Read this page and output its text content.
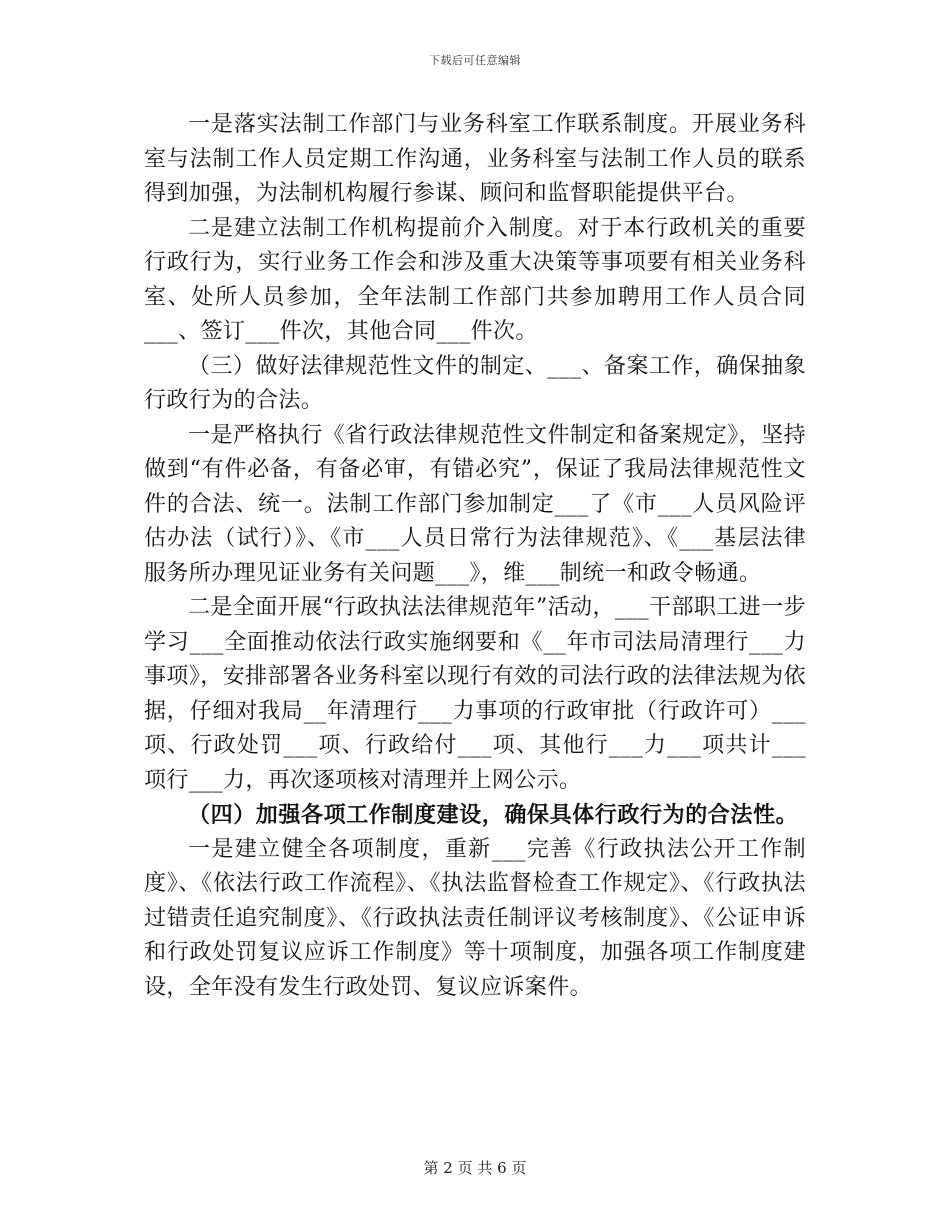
下载后可任意编辑

一是落实法制工作部门与业务科室工作联系制度。开展业务科室与法制工作人员定期工作沟通，业务科室与法制工作人员的联系得到加强，为法制机构履行参谋、顾问和监督职能提供平台。

二是建立法制工作机构提前介入制度。对于本行政机关的重要行政行为，实行业务工作会和涉及重大决策等事项要有相关业务科室、处所人员参加，全年法制工作部门共参加聘用工作人员合同___、签订___件次，其他合同___件次。

（三）做好法律规范性文件的制定、___、备案工作，确保抽象行政行为的合法。

一是严格执行《省行政法律规范性文件制定和备案规定》，坚持做到“有件必备，有备必审，有错必究”，保证了我局法律规范性文件的合法、统一。法制工作部门参加制定___了《市___人员风险评估办法（试行）》、《市___人员日常行为法律规范》、《___基层法律服务所办理见证业务有关问题___》，维___制统一和政令畅通。

二是全面开展“行政执法法律规范年”活动，___干部职工进一步学习___全面推动依法行政实施纲要和《__年市司法局清理行___力事项》，安排部署各业务科室以现行有效的司法行政的法律法规为依据，仔细对我局__年清理行___力事项的行政审批（行政许可）___项、行政处罚___项、行政给付___项、其他行___力___项共计___项行___力，再次逐项核对清理并上网公示。

（四）加强各项工作制度建设，确保具体行政行为的合法性。

一是建立健全各项制度，重新___完善《行政执法公开工作制度》、《依法行政工作流程》、《执法监督检查工作规定》、《行政执法过错责任追究制度》、《行政执法责任制评议考核制度》、《公证申诉和行政处罚复议应诉工作制度》等十项制度，加强各项工作制度建设，全年没有发生行政处罚、复议应诉案件。

第 2 页 共 6 页
